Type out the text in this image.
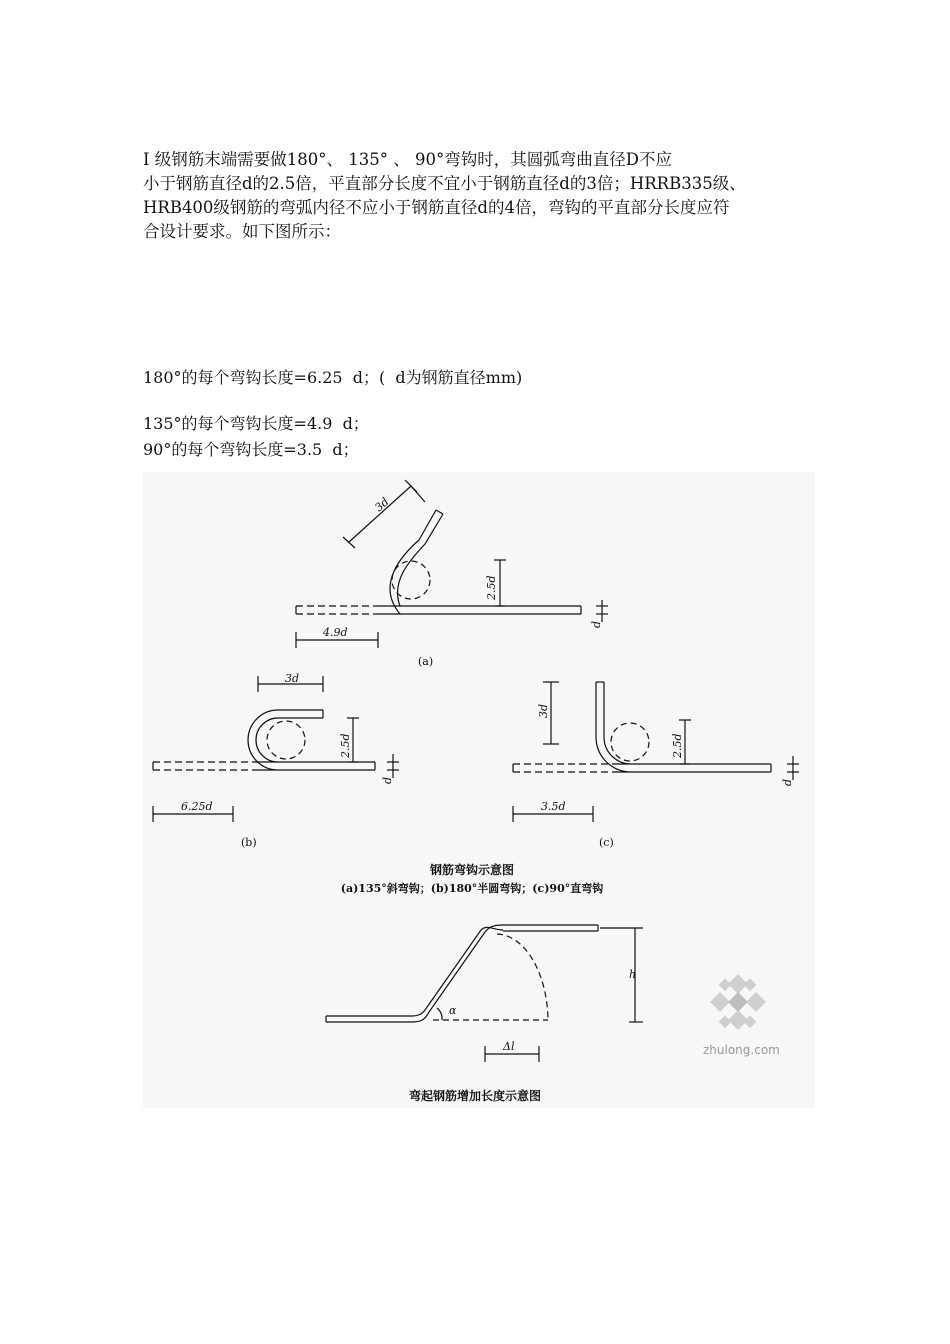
Ⅰ 级钢筋末端需要做180°、 135° 、 90°弯钩时，其圆弧弯曲直径D不应
小于钢筋直径d的2.5倍，平直部分长度不宜小于钢筋直径d的3倍；HRRB335级、
HRB400级钢筋的弯弧内径不应小于钢筋直径d的4倍，弯钩的平直部分长度应符
合设计要求。如下图所示：

180°的每个弯钩长度=6.25  d；(  d为钢筋直径mm)

135°的每个弯钩长度=4.9  d；

90°的每个弯钩长度=3.5  d；

3d
2.5d
d
4.9d
(a)
3d
2.5d
d
6.25d
(b)
3d
2.5d
d
3.5d
(c)
钢筋弯钩示意图
(a)135°斜弯钩；(b)180°半圆弯钩；(c)90°直弯钩
h
α
Δl
弯起钢筋增加长度示意图
zhulong.com
